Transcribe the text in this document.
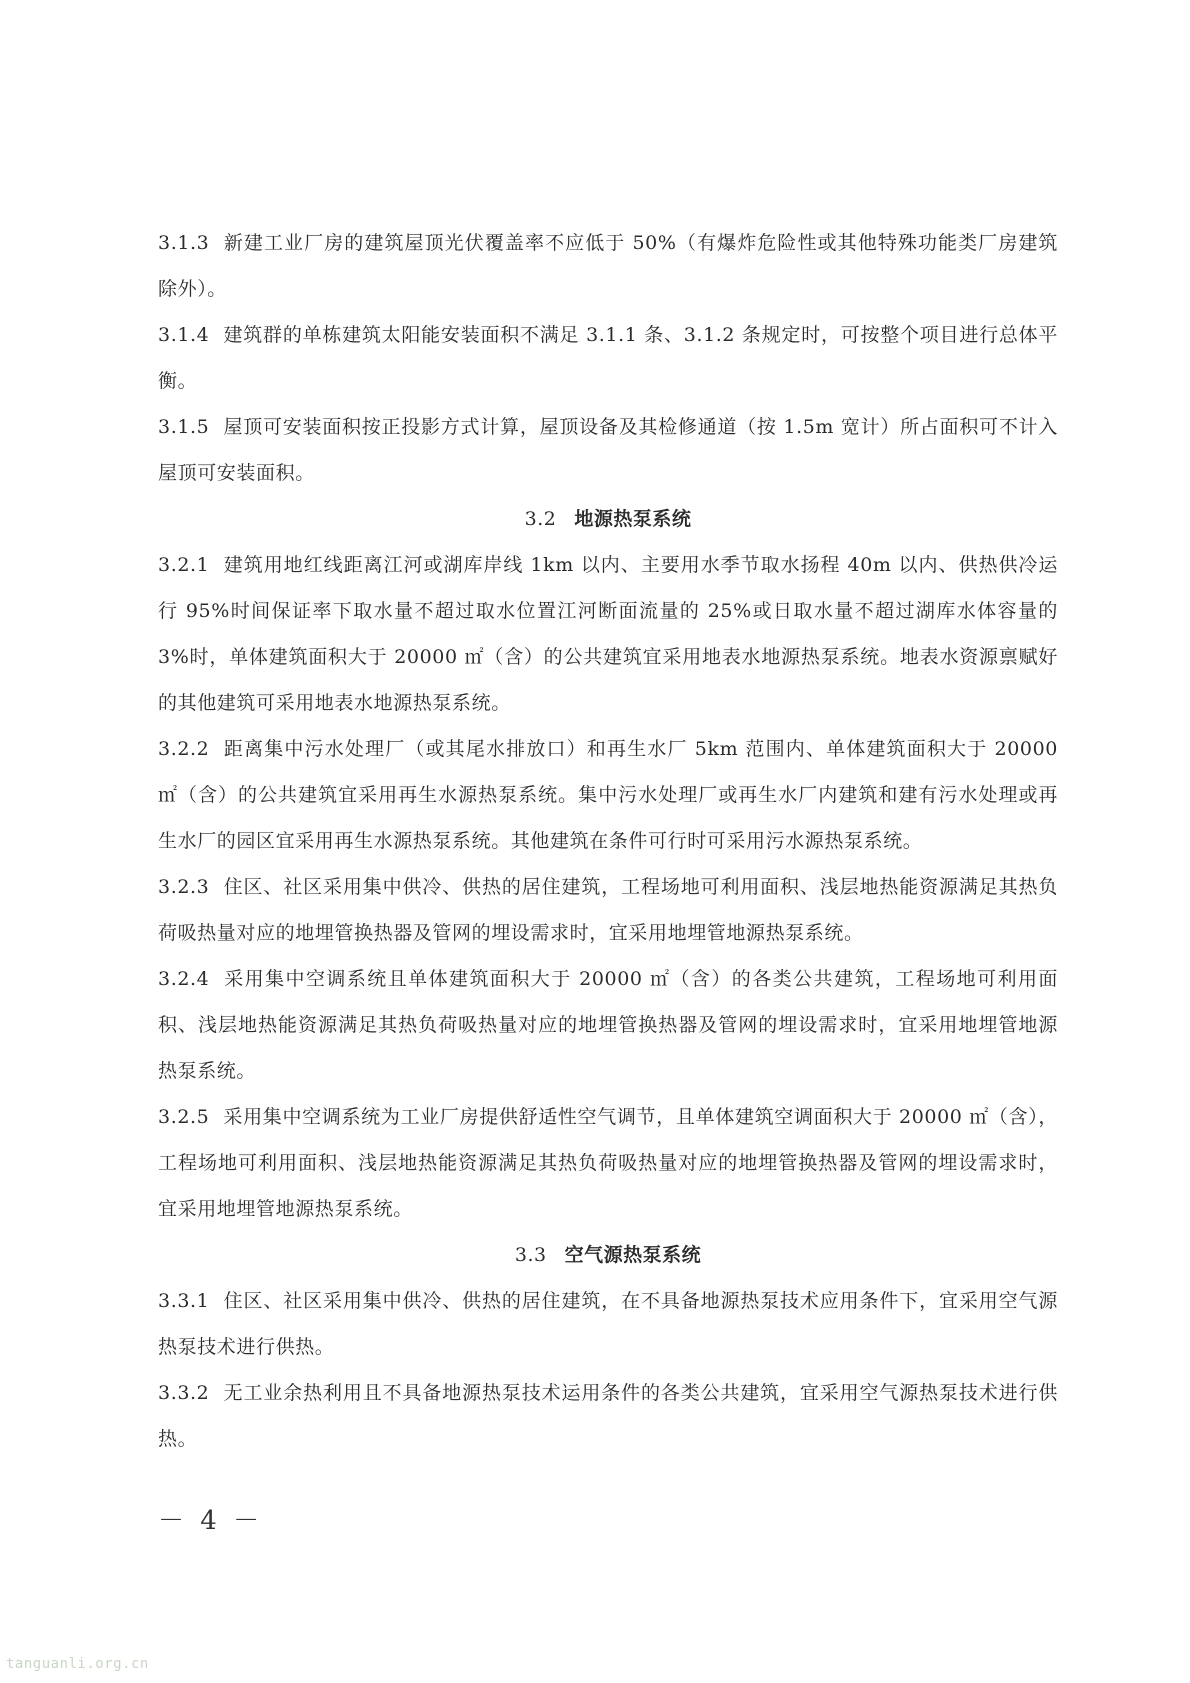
3.1.3 新建工业厂房的建筑屋顶光伏覆盖率不应低于 50%（有爆炸危险性或其他特殊功能类厂房建筑除外）。

3.1.4 建筑群的单栋建筑太阳能安装面积不满足 3.1.1 条、3.1.2 条规定时，可按整个项目进行总体平衡。

3.1.5 屋顶可安装面积按正投影方式计算，屋顶设备及其检修通道（按 1.5m 宽计）所占面积可不计入屋顶可安装面积。

3.2 地源热泵系统

3.2.1 建筑用地红线距离江河或湖库岸线 1km 以内、主要用水季节取水扬程 40m 以内、供热供冷运行 95%时间保证率下取水量不超过取水位置江河断面流量的 25%或日取水量不超过湖库水体容量的 3%时，单体建筑面积大于 20000 ㎡（含）的公共建筑宜采用地表水地源热泵系统。地表水资源禀赋好的其他建筑可采用地表水地源热泵系统。

3.2.2 距离集中污水处理厂（或其尾水排放口）和再生水厂 5km 范围内、单体建筑面积大于 20000 ㎡（含）的公共建筑宜采用再生水源热泵系统。集中污水处理厂或再生水厂内建筑和建有污水处理或再生水厂的园区宜采用再生水源热泵系统。其他建筑在条件可行时可采用污水源热泵系统。

3.2.3 住区、社区采用集中供冷、供热的居住建筑，工程场地可利用面积、浅层地热能资源满足其热负荷吸热量对应的地埋管换热器及管网的埋设需求时，宜采用地埋管地源热泵系统。

3.2.4 采用集中空调系统且单体建筑面积大于 20000 ㎡（含）的各类公共建筑，工程场地可利用面积、浅层地热能资源满足其热负荷吸热量对应的地埋管换热器及管网的埋设需求时，宜采用地埋管地源热泵系统。

3.2.5 采用集中空调系统为工业厂房提供舒适性空气调节，且单体建筑空调面积大于 20000 ㎡（含），工程场地可利用面积、浅层地热能资源满足其热负荷吸热量对应的地埋管换热器及管网的埋设需求时，宜采用地埋管地源热泵系统。

3.3 空气源热泵系统

3.3.1 住区、社区采用集中供冷、供热的居住建筑，在不具备地源热泵技术应用条件下，宜采用空气源热泵技术进行供热。

3.3.2 无工业余热利用且不具备地源热泵技术运用条件的各类公共建筑，宜采用空气源热泵技术进行供热。

－ 4 －
tanguanli.org.cn
